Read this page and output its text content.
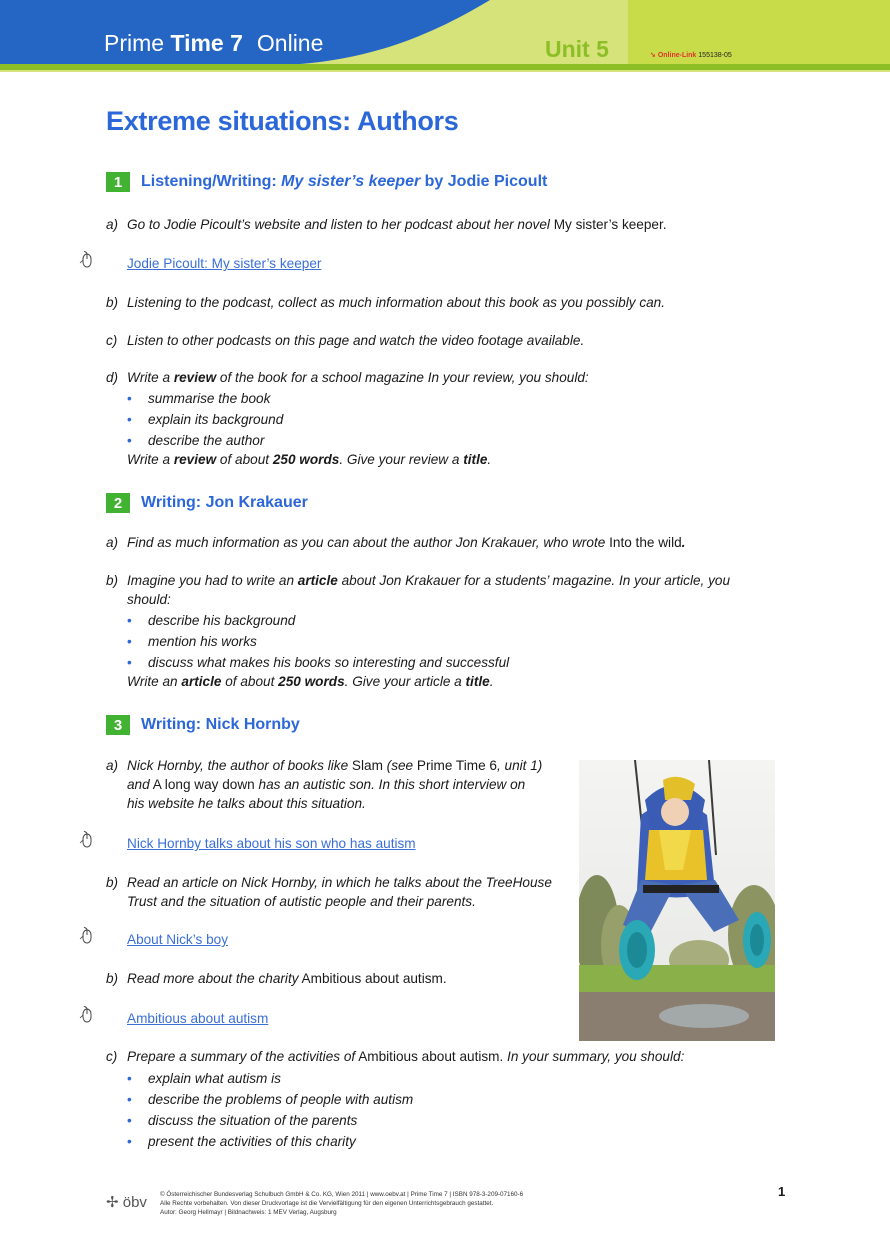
Prime Time 7 Online	Unit 5	➘ Online-Link 155138-05
Extreme situations: Authors
1	Listening/Writing: My sister’s keeper by Jodie Picoult
a) Go to Jodie Picoult’s website and listen to her podcast about her novel My sister’s keeper.
Jodie Picoult: My sister’s keeper
b) Listening to the podcast, collect as much information about this book as you possibly can.
c) Listen to other podcasts on this page and watch the video footage available.
d) Write a review of the book for a school magazine In your review, you should:
• summarise the book
• explain its background
• describe the author
Write a review of about 250 words. Give your review a title.
2	Writing: Jon Krakauer
a) Find as much information as you can about the author Jon Krakauer, who wrote Into the wild.
b) Imagine you had to write an article about Jon Krakauer for a students’ magazine. In your article, you
should:
• describe his background
• mention his works
• discuss what makes his books so interesting and successful
Write an article of about 250 words. Give your article a title.
3	Writing: Nick Hornby
a) Nick Hornby, the author of books like Slam (see Prime Time 6, unit 1)
and A long way down has an autistic son. In this short interview on
his website he talks about this situation.
Nick Hornby talks about his son who has autism
b) Read an article on Nick Hornby, in which he talks about the TreeHouse
Trust and the situation of autistic people and their parents.
About Nick’s boy
b) Read more about the charity Ambitious about autism.
Ambitious about autism
c) Prepare a summary of the activities of Ambitious about autism. In your summary, you should:
• explain what autism is
• describe the problems of people with autism
• discuss the situation of the parents
• present the activities of this charity
✢ öbv © Österreichischer Bundesverlag Schulbuch GmbH & Co. KG, Wien 2011 | www.oebv.at | Prime Time 7 | ISBN 978-3-209-07160-6
Alle Rechte vorbehalten. Von dieser Druckvorlage ist die Vervielfältigung für den eigenen Unterrichtsgebrauch gestattet.
Autor: Georg Hellmayr | Bildnachweis: 1 MEV Verlag, Augsburg
1
